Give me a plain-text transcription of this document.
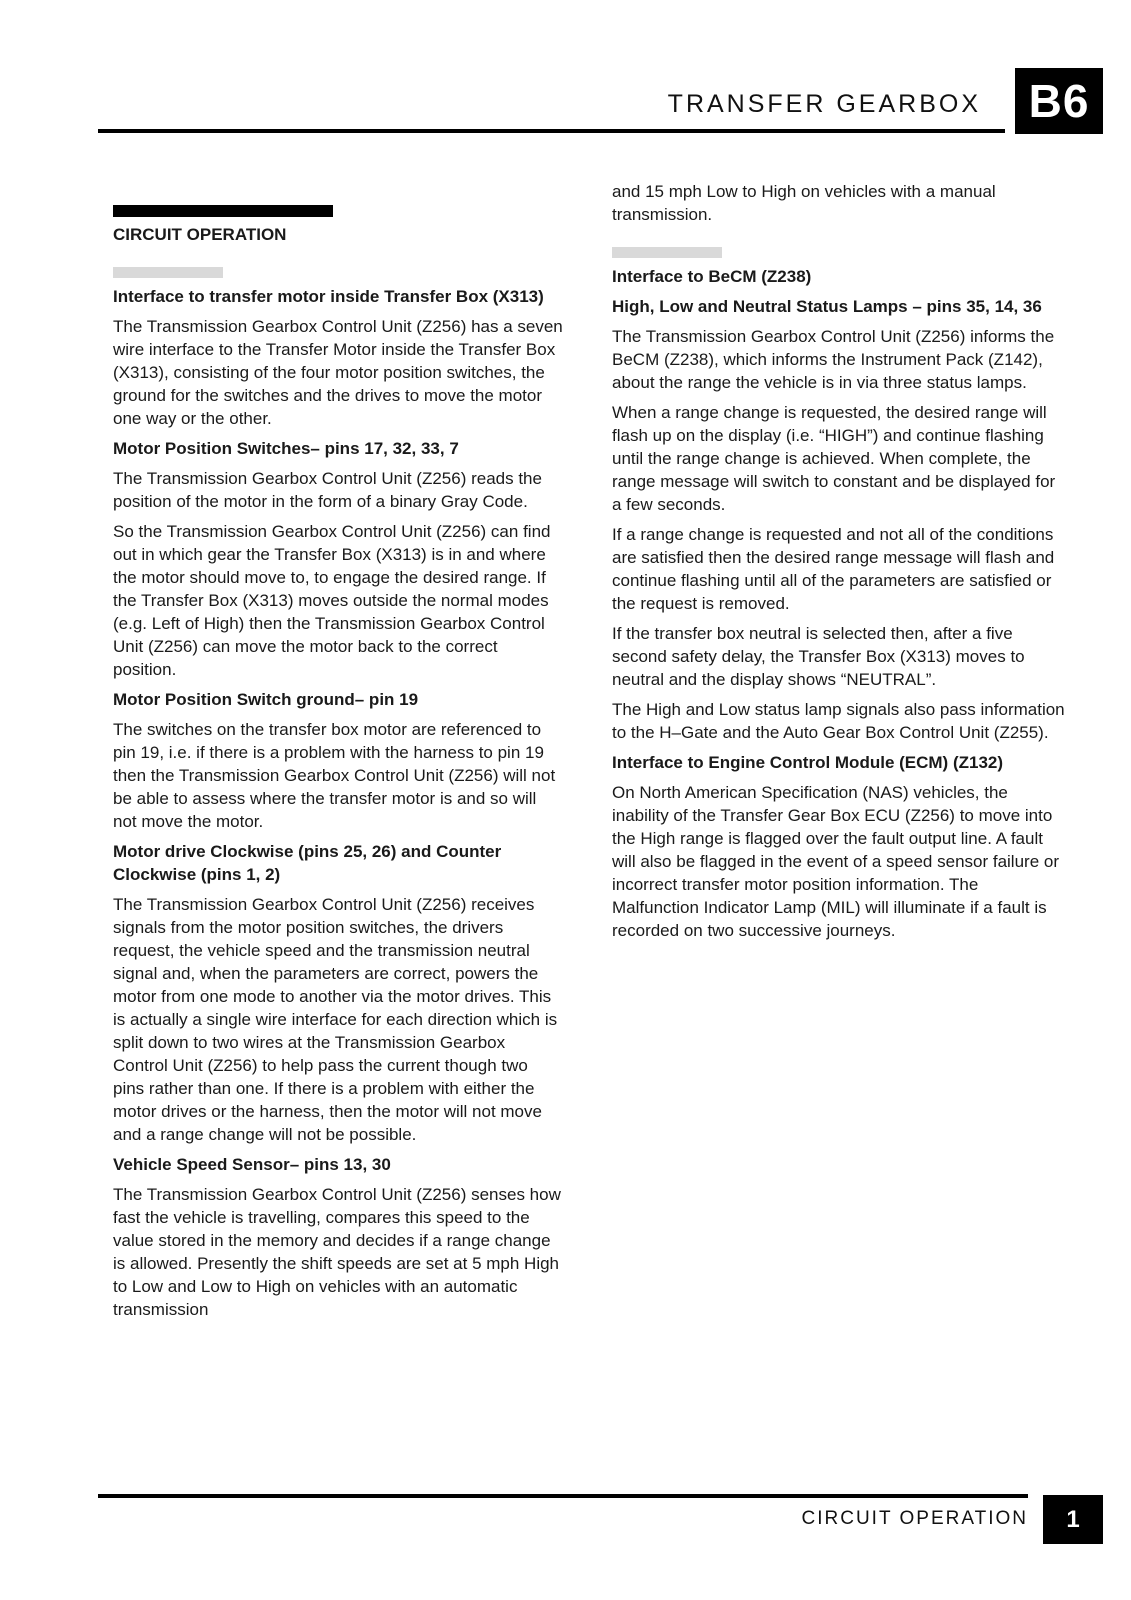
TRANSFER GEARBOX B6
CIRCUIT OPERATION
Interface to transfer motor inside Transfer Box (X313)

The Transmission Gearbox Control Unit (Z256) has a seven wire interface to the Transfer Motor inside the Transfer Box (X313), consisting of the four motor position switches, the ground for the switches and the drives to move the motor one way or the other.

Motor Position Switches– pins 17, 32, 33, 7

The Transmission Gearbox Control Unit (Z256) reads the position of the motor in the form of a binary Gray Code.

So the Transmission Gearbox Control Unit (Z256) can find out in which gear the Transfer Box (X313) is in and where the motor should move to, to engage the desired range. If the Transfer Box (X313) moves outside the normal modes (e.g. Left of High) then the Transmission Gearbox Control Unit (Z256) can move the motor back to the correct position.

Motor Position Switch ground– pin 19

The switches on the transfer box motor are referenced to pin 19, i.e. if there is a problem with the harness to pin 19 then the Transmission Gearbox Control Unit (Z256) will not be able to assess where the transfer motor is and so will not move the motor.

Motor drive Clockwise (pins 25, 26) and Counter Clockwise (pins 1, 2)

The Transmission Gearbox Control Unit (Z256) receives signals from the motor position switches, the drivers request, the vehicle speed and the transmission neutral signal and, when the parameters are correct, powers the motor from one mode to another via the motor drives. This is actually a single wire interface for each direction which is split down to two wires at the Transmission Gearbox Control Unit (Z256) to help pass the current though two pins rather than one. If there is a problem with either the motor drives or the harness, then the motor will not move and a range change will not be possible.

Vehicle Speed Sensor– pins 13, 30

The Transmission Gearbox Control Unit (Z256) senses how fast the vehicle is travelling, compares this speed to the value stored in the memory and decides if a range change is allowed. Presently the shift speeds are set at 5 mph High to Low and Low to High on vehicles with an automatic transmission

and 15 mph Low to High on vehicles with a manual transmission.

Interface to BeCM (Z238)
High, Low and Neutral Status Lamps – pins 35, 14, 36

The Transmission Gearbox Control Unit (Z256) informs the BeCM (Z238), which informs the Instrument Pack (Z142), about the range the vehicle is in via three status lamps.

When a range change is requested, the desired range will flash up on the display (i.e. “HIGH”) and continue flashing until the range change is achieved. When complete, the range message will switch to constant and be displayed for a few seconds.

If a range change is requested and not all of the conditions are satisfied then the desired range message will flash and continue flashing until all of the parameters are satisfied or the request is removed.

If the transfer box neutral is selected then, after a five second safety delay, the Transfer Box (X313) moves to neutral and the display shows “NEUTRAL”.

The High and Low status lamp signals also pass information to the H–Gate and the Auto Gear Box Control Unit (Z255).

Interface to Engine Control Module (ECM) (Z132)

On North American Specification (NAS) vehicles, the inability of the Transfer Gear Box ECU (Z256) to move into the High range is flagged over the fault output line. A fault will also be flagged in the event of a speed sensor failure or incorrect transfer motor position information. The Malfunction Indicator Lamp (MIL) will illuminate if a fault is recorded on two successive journeys.

CIRCUIT OPERATION	1
